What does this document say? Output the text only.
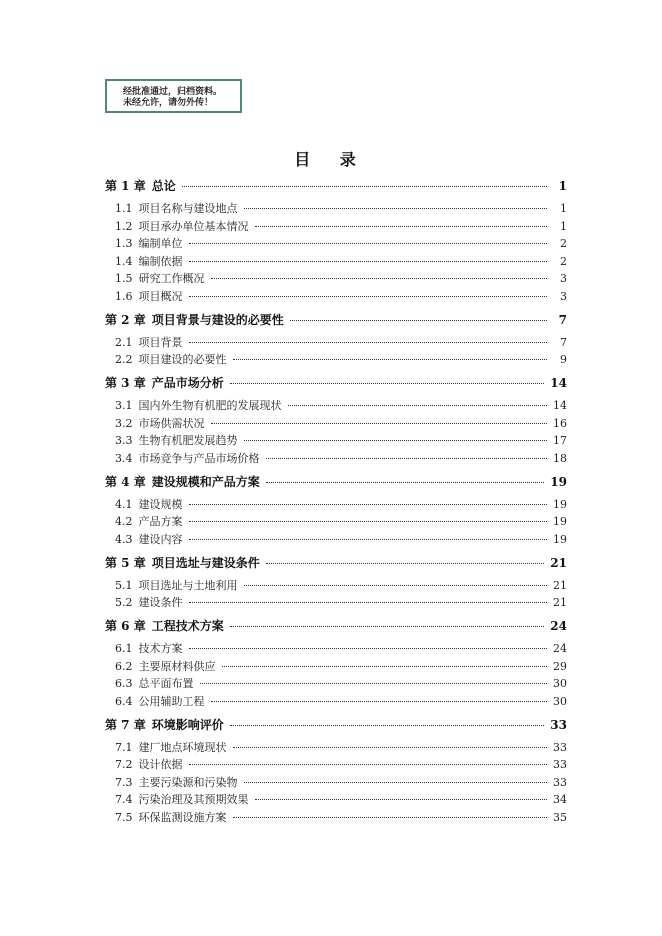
经批准通过，归档资料。
未经允许，请勿外传！
目 录
第 1 章 总论	1
1.1 项目名称与建设地点	1
1.2 项目承办单位基本情况	1
1.3 编制单位	2
1.4 编制依据	2
1.5 研究工作概况	3
1.6 项目概况	3
第 2 章 项目背景与建设的必要性	7
2.1 项目背景	7
2.2 项目建设的必要性	9
第 3 章 产品市场分析	14
3.1 国内外生物有机肥的发展现状	14
3.2 市场供需状况	16
3.3 生物有机肥发展趋势	17
3.4 市场竞争与产品市场价格	18
第 4 章 建设规模和产品方案	19
4.1 建设规模	19
4.2 产品方案	19
4.3 建设内容	19
第 5 章 项目选址与建设条件	21
5.1 项目选址与土地利用	21
5.2 建设条件	21
第 6 章 工程技术方案	24
6.1 技术方案	24
6.2 主要原材料供应	29
6.3 总平面布置	30
6.4 公用辅助工程	30
第 7 章 环境影响评价	33
7.1 建厂地点环境现状	33
7.2 设计依据	33
7.3 主要污染源和污染物	33
7.4 污染治理及其预期效果	34
7.5 环保监测设施方案	35
